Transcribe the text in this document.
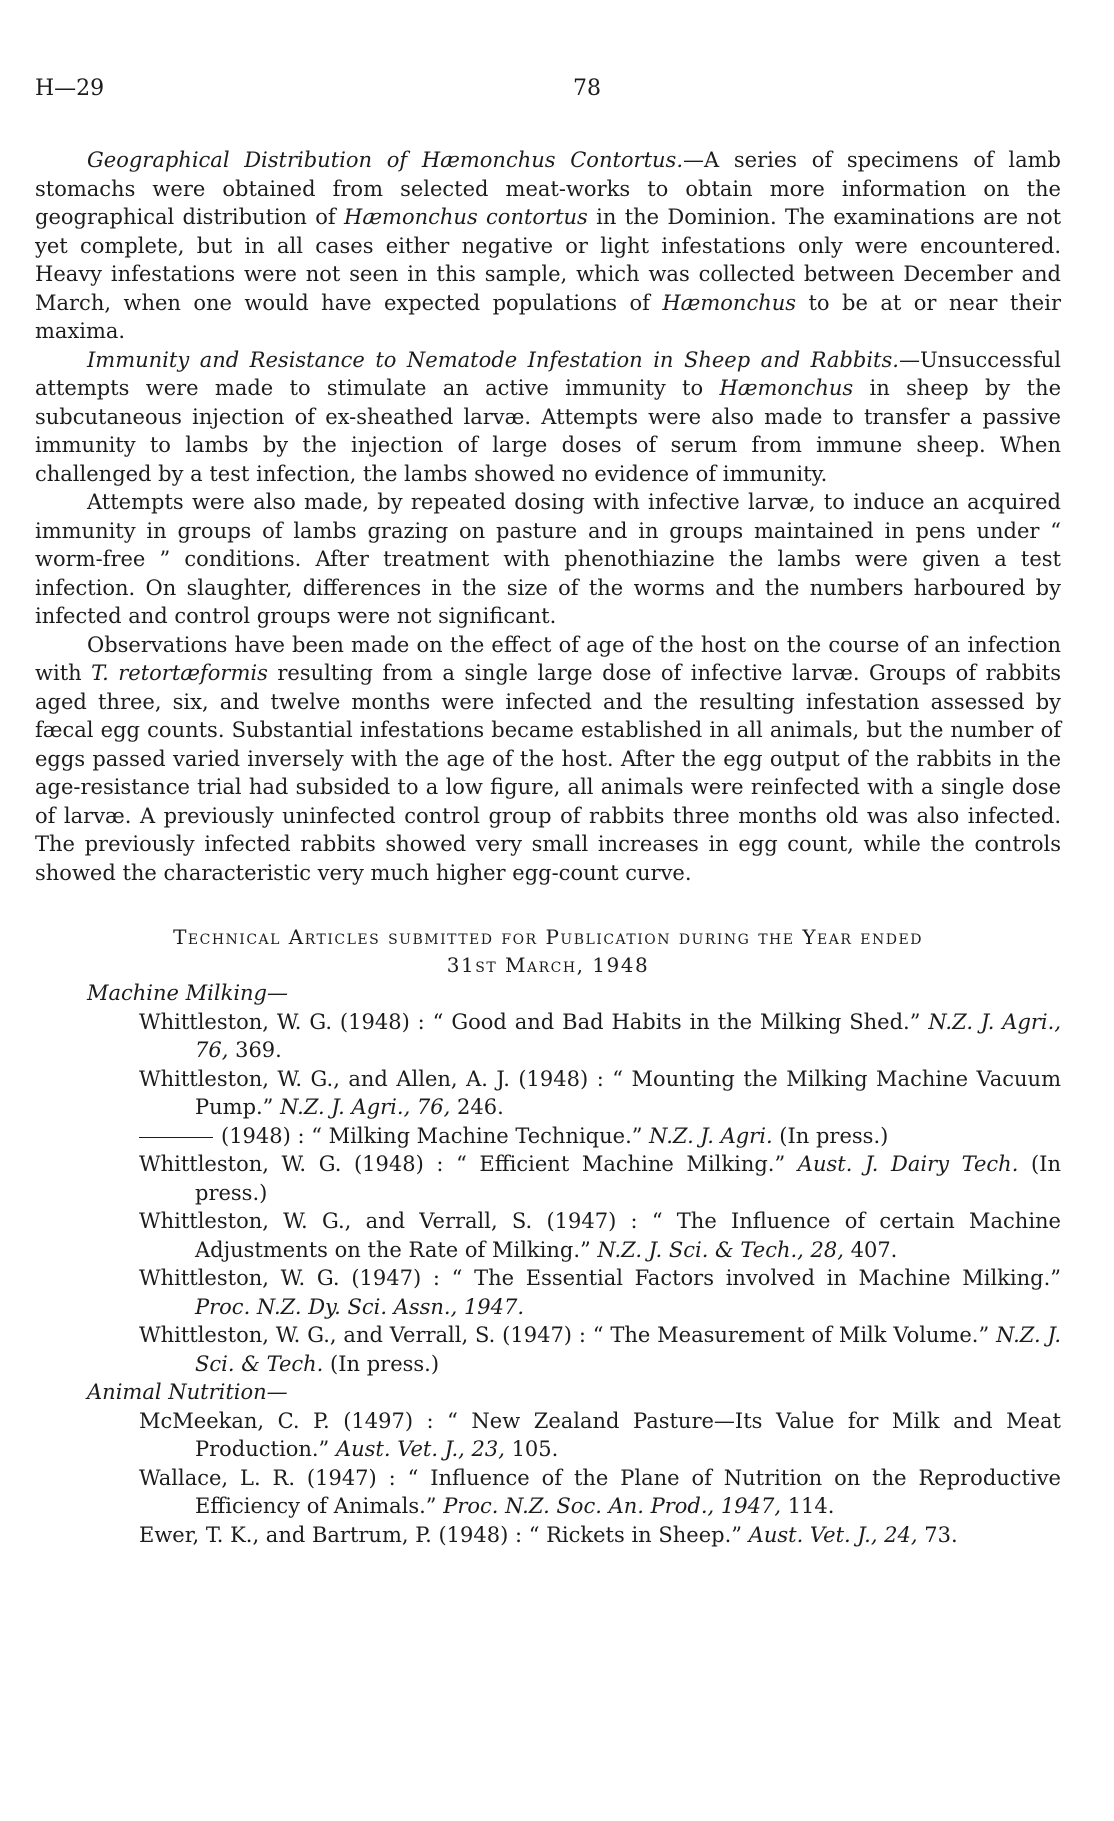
H—29	78

Geographical Distribution of Hæmonchus Contortus.—A series of specimens of lamb stomachs were obtained from selected meat-works to obtain more information on the geographical distribution of Hæmonchus contortus in the Dominion. The examinations are not yet complete, but in all cases either negative or light infestations only were encountered. Heavy infestations were not seen in this sample, which was collected between December and March, when one would have expected populations of Hæmonchus to be at or near their maxima.

Immunity and Resistance to Nematode Infestation in Sheep and Rabbits.—Unsuccessful attempts were made to stimulate an active immunity to Hæmonchus in sheep by the subcutaneous injection of ex-sheathed larvæ. Attempts were also made to transfer a passive immunity to lambs by the injection of large doses of serum from immune sheep. When challenged by a test infection, the lambs showed no evidence of immunity.

Attempts were also made, by repeated dosing with infective larvæ, to induce an acquired immunity in groups of lambs grazing on pasture and in groups maintained in pens under “ worm-free ” conditions. After treatment with phenothiazine the lambs were given a test infection. On slaughter, differences in the size of the worms and the numbers harboured by infected and control groups were not significant.

Observations have been made on the effect of age of the host on the course of an infection with T. retortæformis resulting from a single large dose of infective larvæ. Groups of rabbits aged three, six, and twelve months were infected and the resulting infestation assessed by fæcal egg counts. Substantial infestations became established in all animals, but the number of eggs passed varied inversely with the age of the host. After the egg output of the rabbits in the age-resistance trial had subsided to a low figure, all animals were reinfected with a single dose of larvæ. A previously uninfected control group of rabbits three months old was also infected. The previously infected rabbits showed very small increases in egg count, while the controls showed the characteristic very much higher egg-count curve.

Technical Articles submitted for Publication during the Year ended
31st March, 1948
Machine Milking—
Whittleston, W. G. (1948) : “ Good and Bad Habits in the Milking Shed.” N.Z. J. Agri., 76, 369.
Whittleston, W. G., and Allen, A. J. (1948) : “ Mounting the Milking Machine Vacuum Pump.” N.Z. J. Agri., 76, 246.
(1948) : “ Milking Machine Technique.” N.Z. J. Agri. (In press.)
Whittleston, W. G. (1948) : “ Efficient Machine Milking.” Aust. J. Dairy Tech. (In press.)
Whittleston, W. G., and Verrall, S. (1947) : “ The Influence of certain Machine Adjustments on the Rate of Milking.” N.Z. J. Sci. & Tech., 28, 407.
Whittleston, W. G. (1947) : “ The Essential Factors involved in Machine Milking.” Proc. N.Z. Dy. Sci. Assn., 1947.
Whittleston, W. G., and Verrall, S. (1947) : “ The Measurement of Milk Volume.” N.Z. J. Sci. & Tech. (In press.)
Animal Nutrition—
McMeekan, C. P. (1497) : “ New Zealand Pasture—Its Value for Milk and Meat Production.” Aust. Vet. J., 23, 105.
Wallace, L. R. (1947) : “ Influence of the Plane of Nutrition on the Reproductive Efficiency of Animals.” Proc. N.Z. Soc. An. Prod., 1947, 114.
Ewer, T. K., and Bartrum, P. (1948) : “ Rickets in Sheep.” Aust. Vet. J., 24, 73.
